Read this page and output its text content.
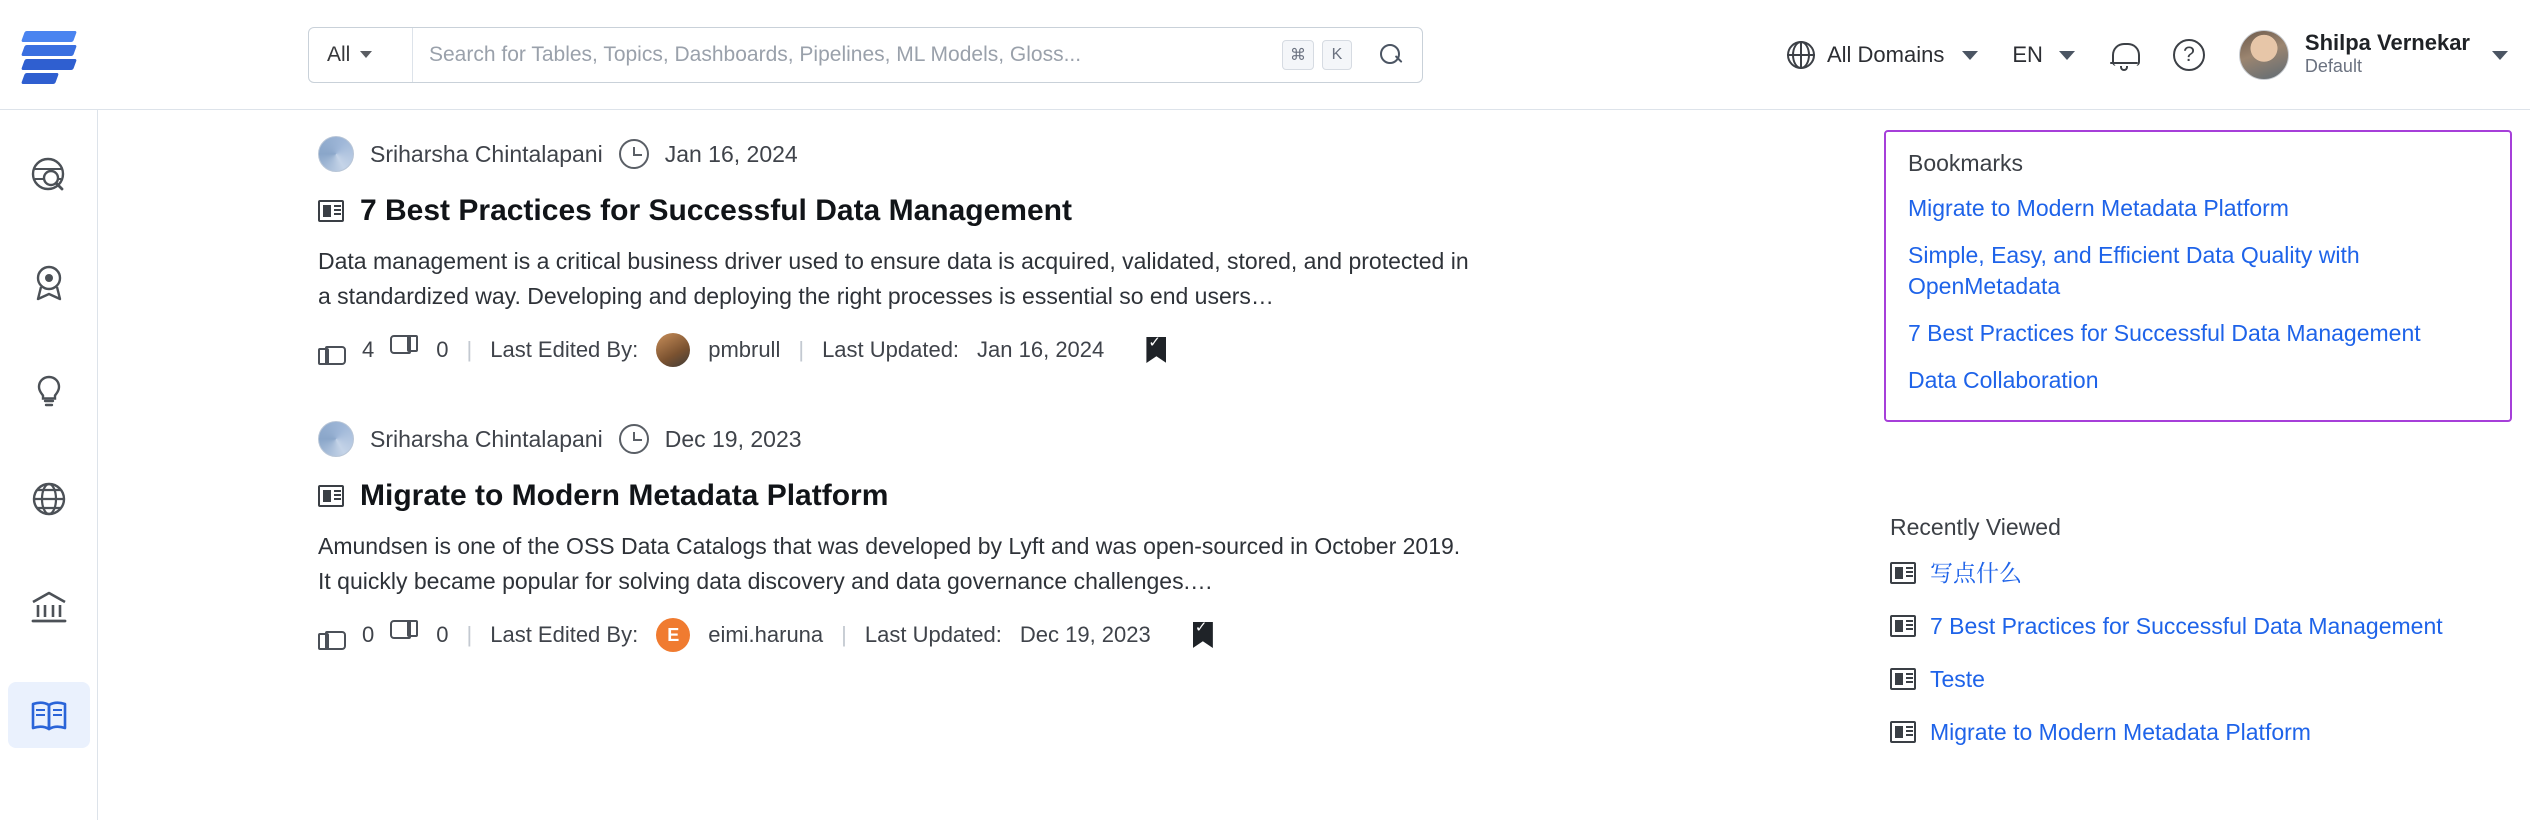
All
Search for Tables, Topics, Dashboards, Pipelines, ML Models, Gloss...	⌘	K	All Domains	EN	?	Shilpa Vernekar
Default
Sriharsha Chintalapani	Jan 16, 2024
7 Best Practices for Successful Data Management
Data management is a critical business driver used to ensure data is acquired, validated, stored, and protected in a standardized way. Developing and deploying the right processes is essential so end users…
4	0 | Last Edited By:	pmbrull | Last Updated: Jan 16, 2024

✓
Sriharsha Chintalapani	Dec 19, 2023
Migrate to Modern Metadata Platform
Amundsen is one of the OSS Data Catalogs that was developed by Lyft and was open-sourced in October 2019. It quickly became popular for solving data discovery and data governance challenges.…
0	0 | Last Edited By:	E	eimi.haruna | Last Updated: Dec 19, 2023

✓
Bookmarks
Migrate to Modern Metadata Platform
Simple, Easy, and Efficient Data Quality with OpenMetadata
7 Best Practices for Successful Data Management
Data Collaboration
Recently Viewed
写点什么
7 Best Practices for Successful Data Management
Teste
Migrate to Modern Metadata Platform
